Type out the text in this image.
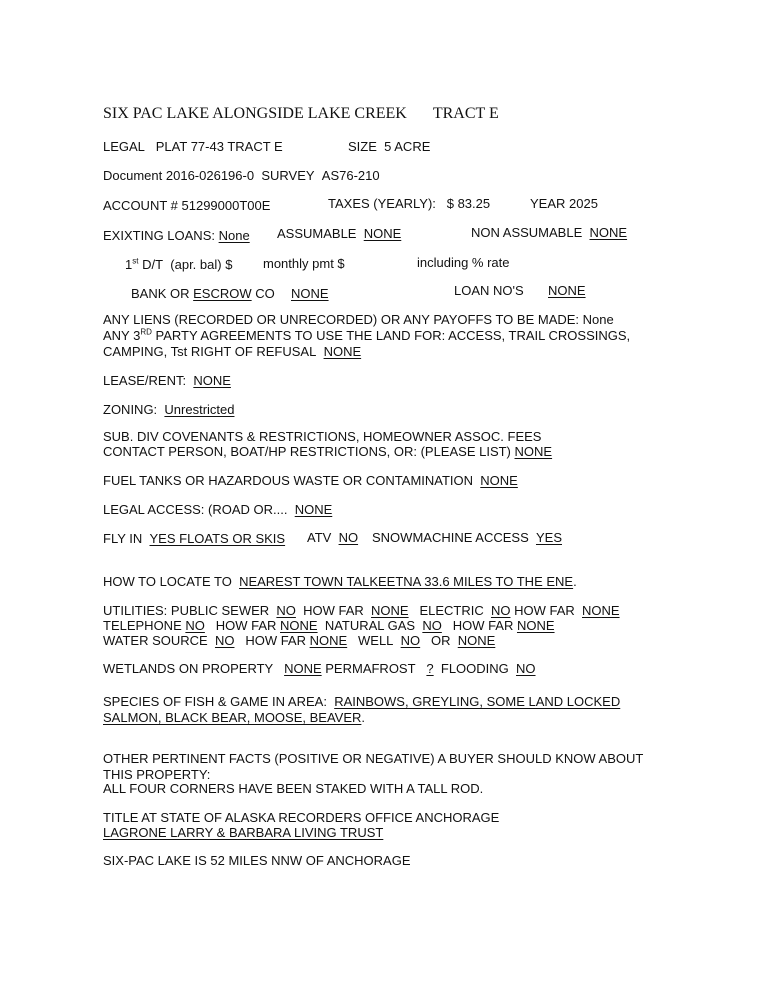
SIX PAC LAKE ALONGSIDE LAKE CREEK TRACT E
LEGAL PLAT 77-43 TRACT E	SIZE 5 ACRE
Document 2016-026196-0 SURVEY AS76-210
ACCOUNT # 51299000T00E	TAXES (YEARLY): $ 83.25	YEAR 2025
EXIXTING LOANS: None ASSUMABLE NONE	NON ASSUMABLE NONE
1st D/T (apr. bal) $ monthly pmt $	including % rate
BANK OR ESCROW CO NONE	LOAN NO'S NONE
ANY LIENS (RECORDED OR UNRECORDED) OR ANY PAYOFFS TO BE MADE: None
ANY 3RD PARTY AGREEMENTS TO USE THE LAND FOR: ACCESS, TRAIL CROSSINGS,
CAMPING, Tst RIGHT OF REFUSAL NONE
LEASE/RENT: NONE
ZONING: Unrestricted
SUB. DIV COVENANTS & RESTRICTIONS, HOMEOWNER ASSOC. FEES
CONTACT PERSON, BOAT/HP RESTRICTIONS, OR: (PLEASE LIST) NONE
FUEL TANKS OR HAZARDOUS WASTE OR CONTAMINATION NONE
LEGAL ACCESS: (ROAD OR.... NONE
FLY IN YES FLOATS OR SKIS ATV NO SNOWMACHINE ACCESS YES
HOW TO LOCATE TO NEAREST TOWN TALKEETNA 33.6 MILES TO THE ENE.
UTILITIES: PUBLIC SEWER NO HOW FAR NONE ELECTRIC NO HOW FAR NONE
TELEPHONE NO HOW FAR NONE NATURAL GAS NO HOW FAR NONE
WATER SOURCE NO HOW FAR NONE WELL NO OR NONE
WETLANDS ON PROPERTY NONE PERMAFROST ? FLOODING NO
SPECIES OF FISH & GAME IN AREA: RAINBOWS, GREYLING, SOME LAND LOCKED
SALMON, BLACK BEAR, MOOSE, BEAVER.
OTHER PERTINENT FACTS (POSITIVE OR NEGATIVE) A BUYER SHOULD KNOW ABOUT
THIS PROPERTY:
ALL FOUR CORNERS HAVE BEEN STAKED WITH A TALL ROD.
TITLE AT STATE OF ALASKA RECORDERS OFFICE ANCHORAGE
LAGRONE LARRY & BARBARA LIVING TRUST
SIX-PAC LAKE IS 52 MILES NNW OF ANCHORAGE
